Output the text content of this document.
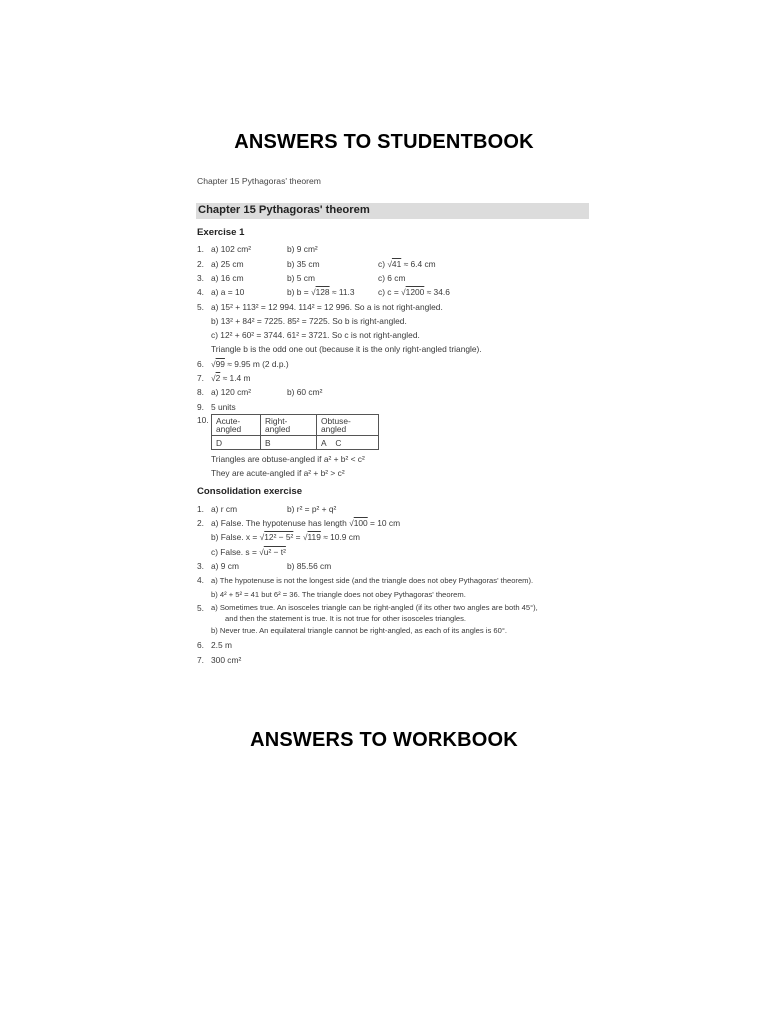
ANSWERS TO STUDENTBOOK
Chapter 15 Pythagoras' theorem
Chapter 15 Pythagoras' theorem
Exercise 1
1. a) 102 cm²	b) 9 cm²
2. a) 25 cm	b) 35 cm	c) √41 ≈ 6.4 cm
3. a) 16 cm	b) 5 cm	c) 6 cm
4. a) a = 10	b) b = √128 ≈ 11.3	c) c = √1200 ≈ 34.6
5. a) 15² + 113² = 12 994. 114² = 12 996. So a is not right-angled.
b) 13² + 84² = 7225. 85² = 7225. So b is right-angled.
c) 12² + 60² = 3744. 61² = 3721. So c is not right-angled.
Triangle b is the odd one out (because it is the only right-angled triangle).
6. √99 ≈ 9.95 m (2 d.p.)
7. √2 ≈ 1.4 m
8. a) 120 cm²	b) 60 cm²
9. 5 units
10. Acute-angled	Right-angled	Obtuse-angled
D	B	A    C
Triangles are obtuse-angled if a² + b² < c²
They are acute-angled if a² + b² > c²
Consolidation exercise
1. a) r cm	b) r² = p² + q²
2. a) False. The hypotenuse has length √100 = 10 cm
b) False. x = √12² − 5² = √119 ≈ 10.9 cm
c) False. s = √u² − t²
3. a) 9 cm	b) 85.56 cm
4. a) The hypotenuse is not the longest side (and the triangle does not obey Pythagoras' theorem).
b) 4² + 5² = 41 but 6² = 36. The triangle does not obey Pythagoras' theorem.
5. a) Sometimes true. An isosceles triangle can be right-angled (if its other two angles are both 45°),
and then the statement is true. It is not true for other isosceles triangles.
b) Never true. An equilateral triangle cannot be right-angled, as each of its angles is 60°.
6. 2.5 m
7. 300 cm²
ANSWERS TO WORKBOOK
